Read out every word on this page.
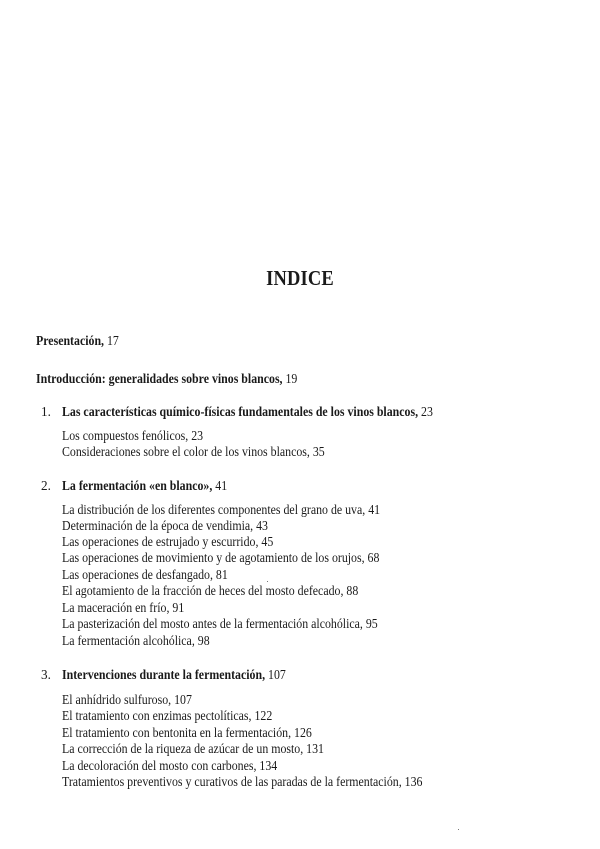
INDICE
Presentación, 17
Introducción: generalidades sobre vinos blancos, 19
1. Las características químico-físicas fundamentales de los vinos blancos, 23
Los compuestos fenólicos, 23
Consideraciones sobre el color de los vinos blancos, 35
2. La fermentación «en blanco», 41
La distribución de los diferentes componentes del grano de uva, 41
Determinación de la época de vendimia, 43
Las operaciones de estrujado y escurrido, 45
Las operaciones de movimiento y de agotamiento de los orujos, 68
Las operaciones de desfangado, 81
El agotamiento de la fracción de heces del mosto defecado, 88
La maceración en frío, 91
La pasterización del mosto antes de la fermentación alcohólica, 95
La fermentación alcohólica, 98
3. Intervenciones durante la fermentación, 107
El anhídrido sulfuroso, 107
El tratamiento con enzimas pectolíticas, 122
El tratamiento con bentonita en la fermentación, 126
La corrección de la riqueza de azúcar de un mosto, 131
La decoloración del mosto con carbones, 134
Tratamientos preventivos y curativos de las paradas de la fermentación, 136
